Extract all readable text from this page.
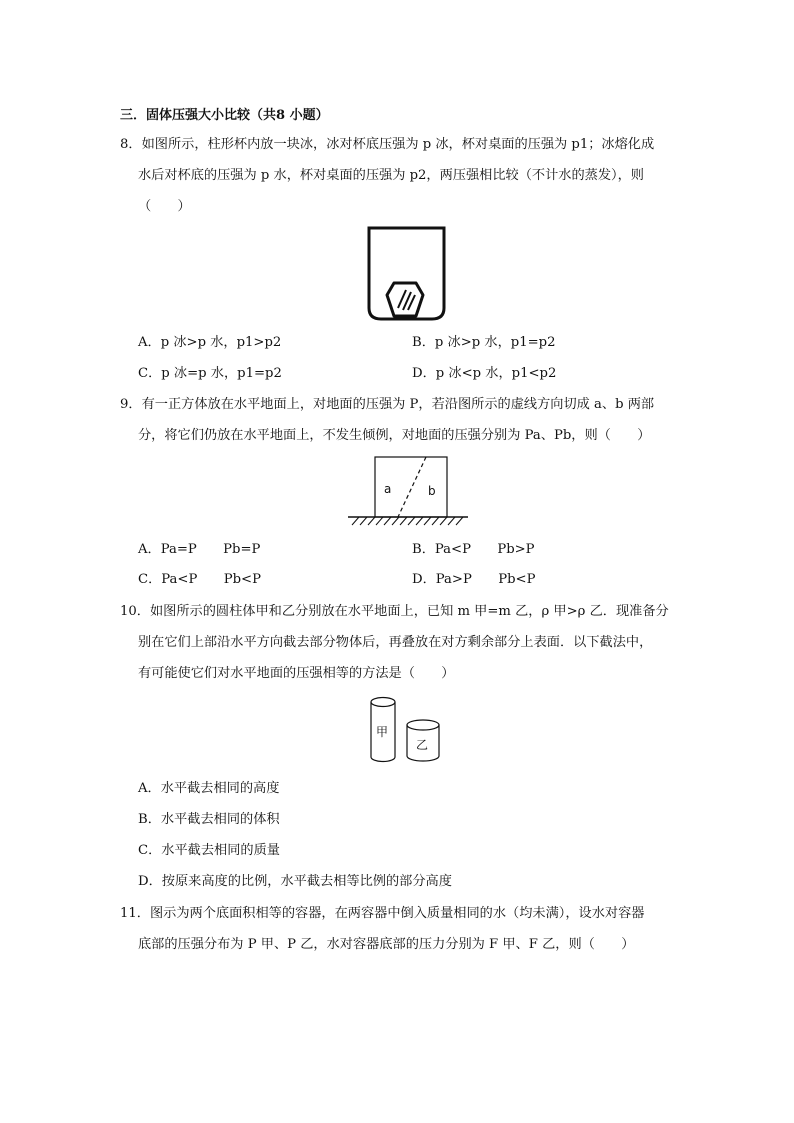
三．固体压强大小比较（共8 小题）
8．如图所示，柱形杯内放一块冰，冰对杯底压强为 p 冰，杯对桌面的压强为 p1；冰熔化成
水后对杯底的压强为 p 水，杯对桌面的压强为 p2，两压强相比较（不计水的蒸发），则
（　　）
A．p 冰>p 水，p1>p2	B．p 冰>p 水，p1=p2
C．p 冰=p 水，p1=p2	D．p 冰<p 水，p1<p2
9．有一正方体放在水平地面上，对地面的压强为 P，若沿图所示的虚线方向切成 a、b 两部
分，将它们仍放在水平地面上，不发生倾例，对地面的压强分别为 Pa、Pb，则（　　）
a	b
A．Pa=P　　Pb=P	B．Pa<P　　Pb>P
C．Pa<P　　Pb<P	D．Pa>P　　Pb<P
10．如图所示的圆柱体甲和乙分别放在水平地面上，已知 m 甲=m 乙，ρ 甲>ρ 乙．现准备分
别在它们上部沿水平方向截去部分物体后，再叠放在对方剩余部分上表面．以下截法中，
有可能使它们对水平地面的压强相等的方法是（　　）
甲
乙
A．水平截去相同的高度
B．水平截去相同的体积
C．水平截去相同的质量
D．按原来高度的比例，水平截去相等比例的部分高度
11．图示为两个底面积相等的容器，在两容器中倒入质量相同的水（均未满），设水对容器
底部的压强分布为 P 甲、P 乙，水对容器底部的压力分别为 F 甲、F 乙，则（　　）
